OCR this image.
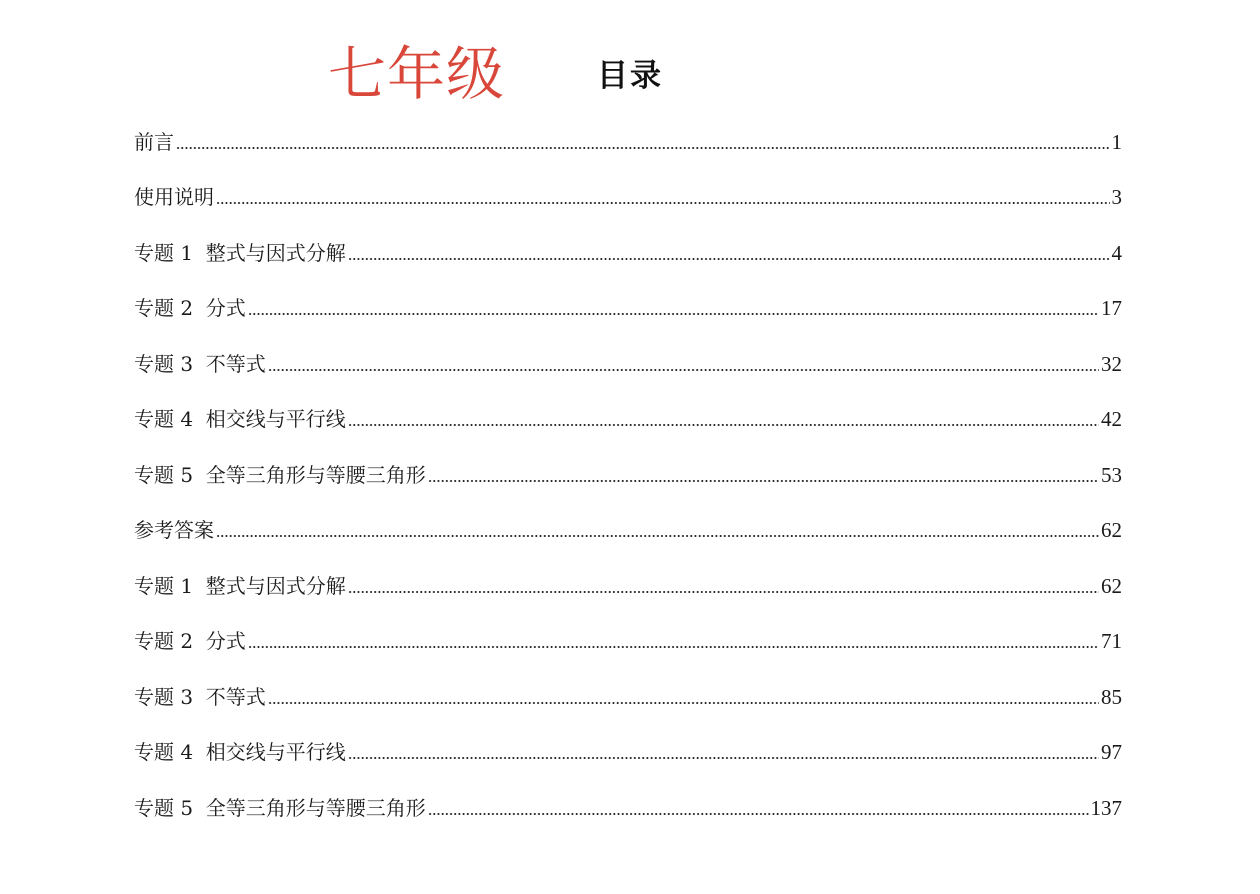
七年级	目录
前言	1
使用说明	3
专题 1  整式与因式分解	4
专题 2  分式	17
专题 3  不等式	32
专题 4  相交线与平行线	42
专题 5  全等三角形与等腰三角形	53
参考答案	62
专题 1  整式与因式分解	62
专题 2  分式	71
专题 3  不等式	85
专题 4  相交线与平行线	97
专题 5  全等三角形与等腰三角形	137
